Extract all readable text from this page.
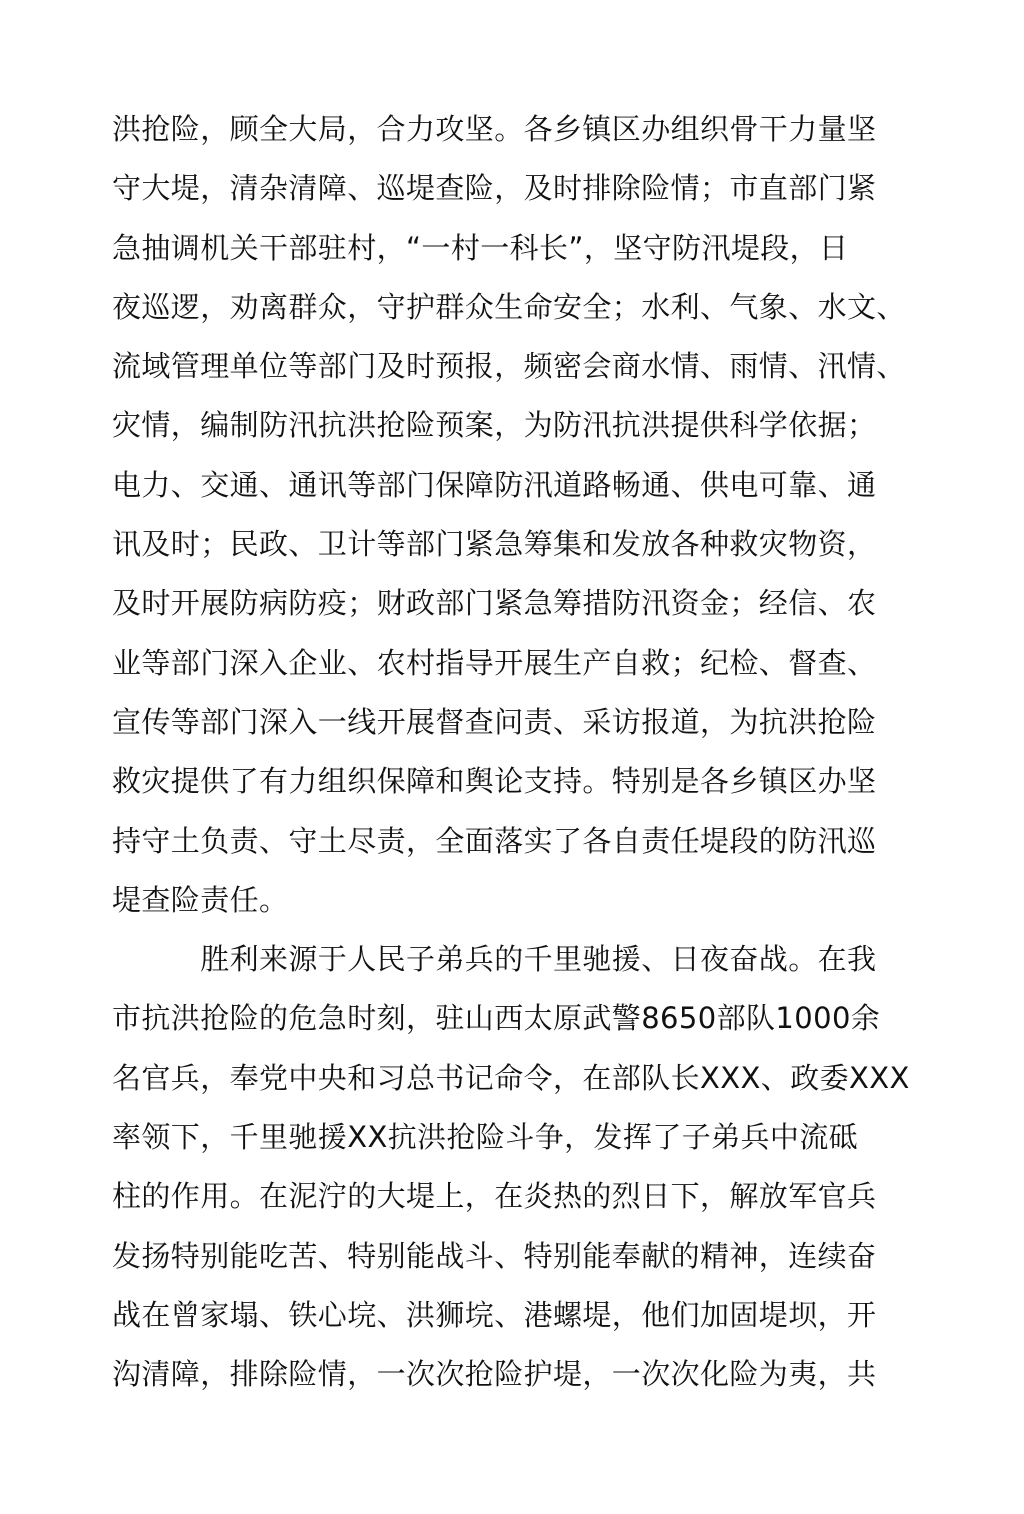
洪抢险，顾全大局，合力攻坚。各乡镇区办组织骨干力量坚
守大堤，清杂清障、巡堤查险，及时排除险情；市直部门紧
急抽调机关干部驻村，“一村一科长”，坚守防汛堤段，日
夜巡逻，劝离群众，守护群众生命安全；水利、气象、水文、
流域管理单位等部门及时预报，频密会商水情、雨情、汛情、
灾情，编制防汛抗洪抢险预案，为防汛抗洪提供科学依据；
电力、交通、通讯等部门保障防汛道路畅通、供电可靠、通
讯及时；民政、卫计等部门紧急筹集和发放各种救灾物资，
及时开展防病防疫；财政部门紧急筹措防汛资金；经信、农
业等部门深入企业、农村指导开展生产自救；纪检、督查、
宣传等部门深入一线开展督查问责、采访报道，为抗洪抢险
救灾提供了有力组织保障和舆论支持。特别是各乡镇区办坚
持守土负责、守土尽责，全面落实了各自责任堤段的防汛巡
堤查险责任。
　　　胜利来源于人民子弟兵的千里驰援、日夜奋战。在我
市抗洪抢险的危急时刻，驻山西太原武警8650部队1000余
名官兵，奉党中央和习总书记命令，在部队长XXX、政委XXX
率领下，千里驰援XX抗洪抢险斗争，发挥了子弟兵中流砥
柱的作用。在泥泞的大堤上，在炎热的烈日下，解放军官兵
发扬特别能吃苦、特别能战斗、特别能奉献的精神，连续奋
战在曾家塌、铁心垸、洪狮垸、港螺堤，他们加固堤坝，开
沟清障，排除险情，一次次抢险护堤，一次次化险为夷，共
